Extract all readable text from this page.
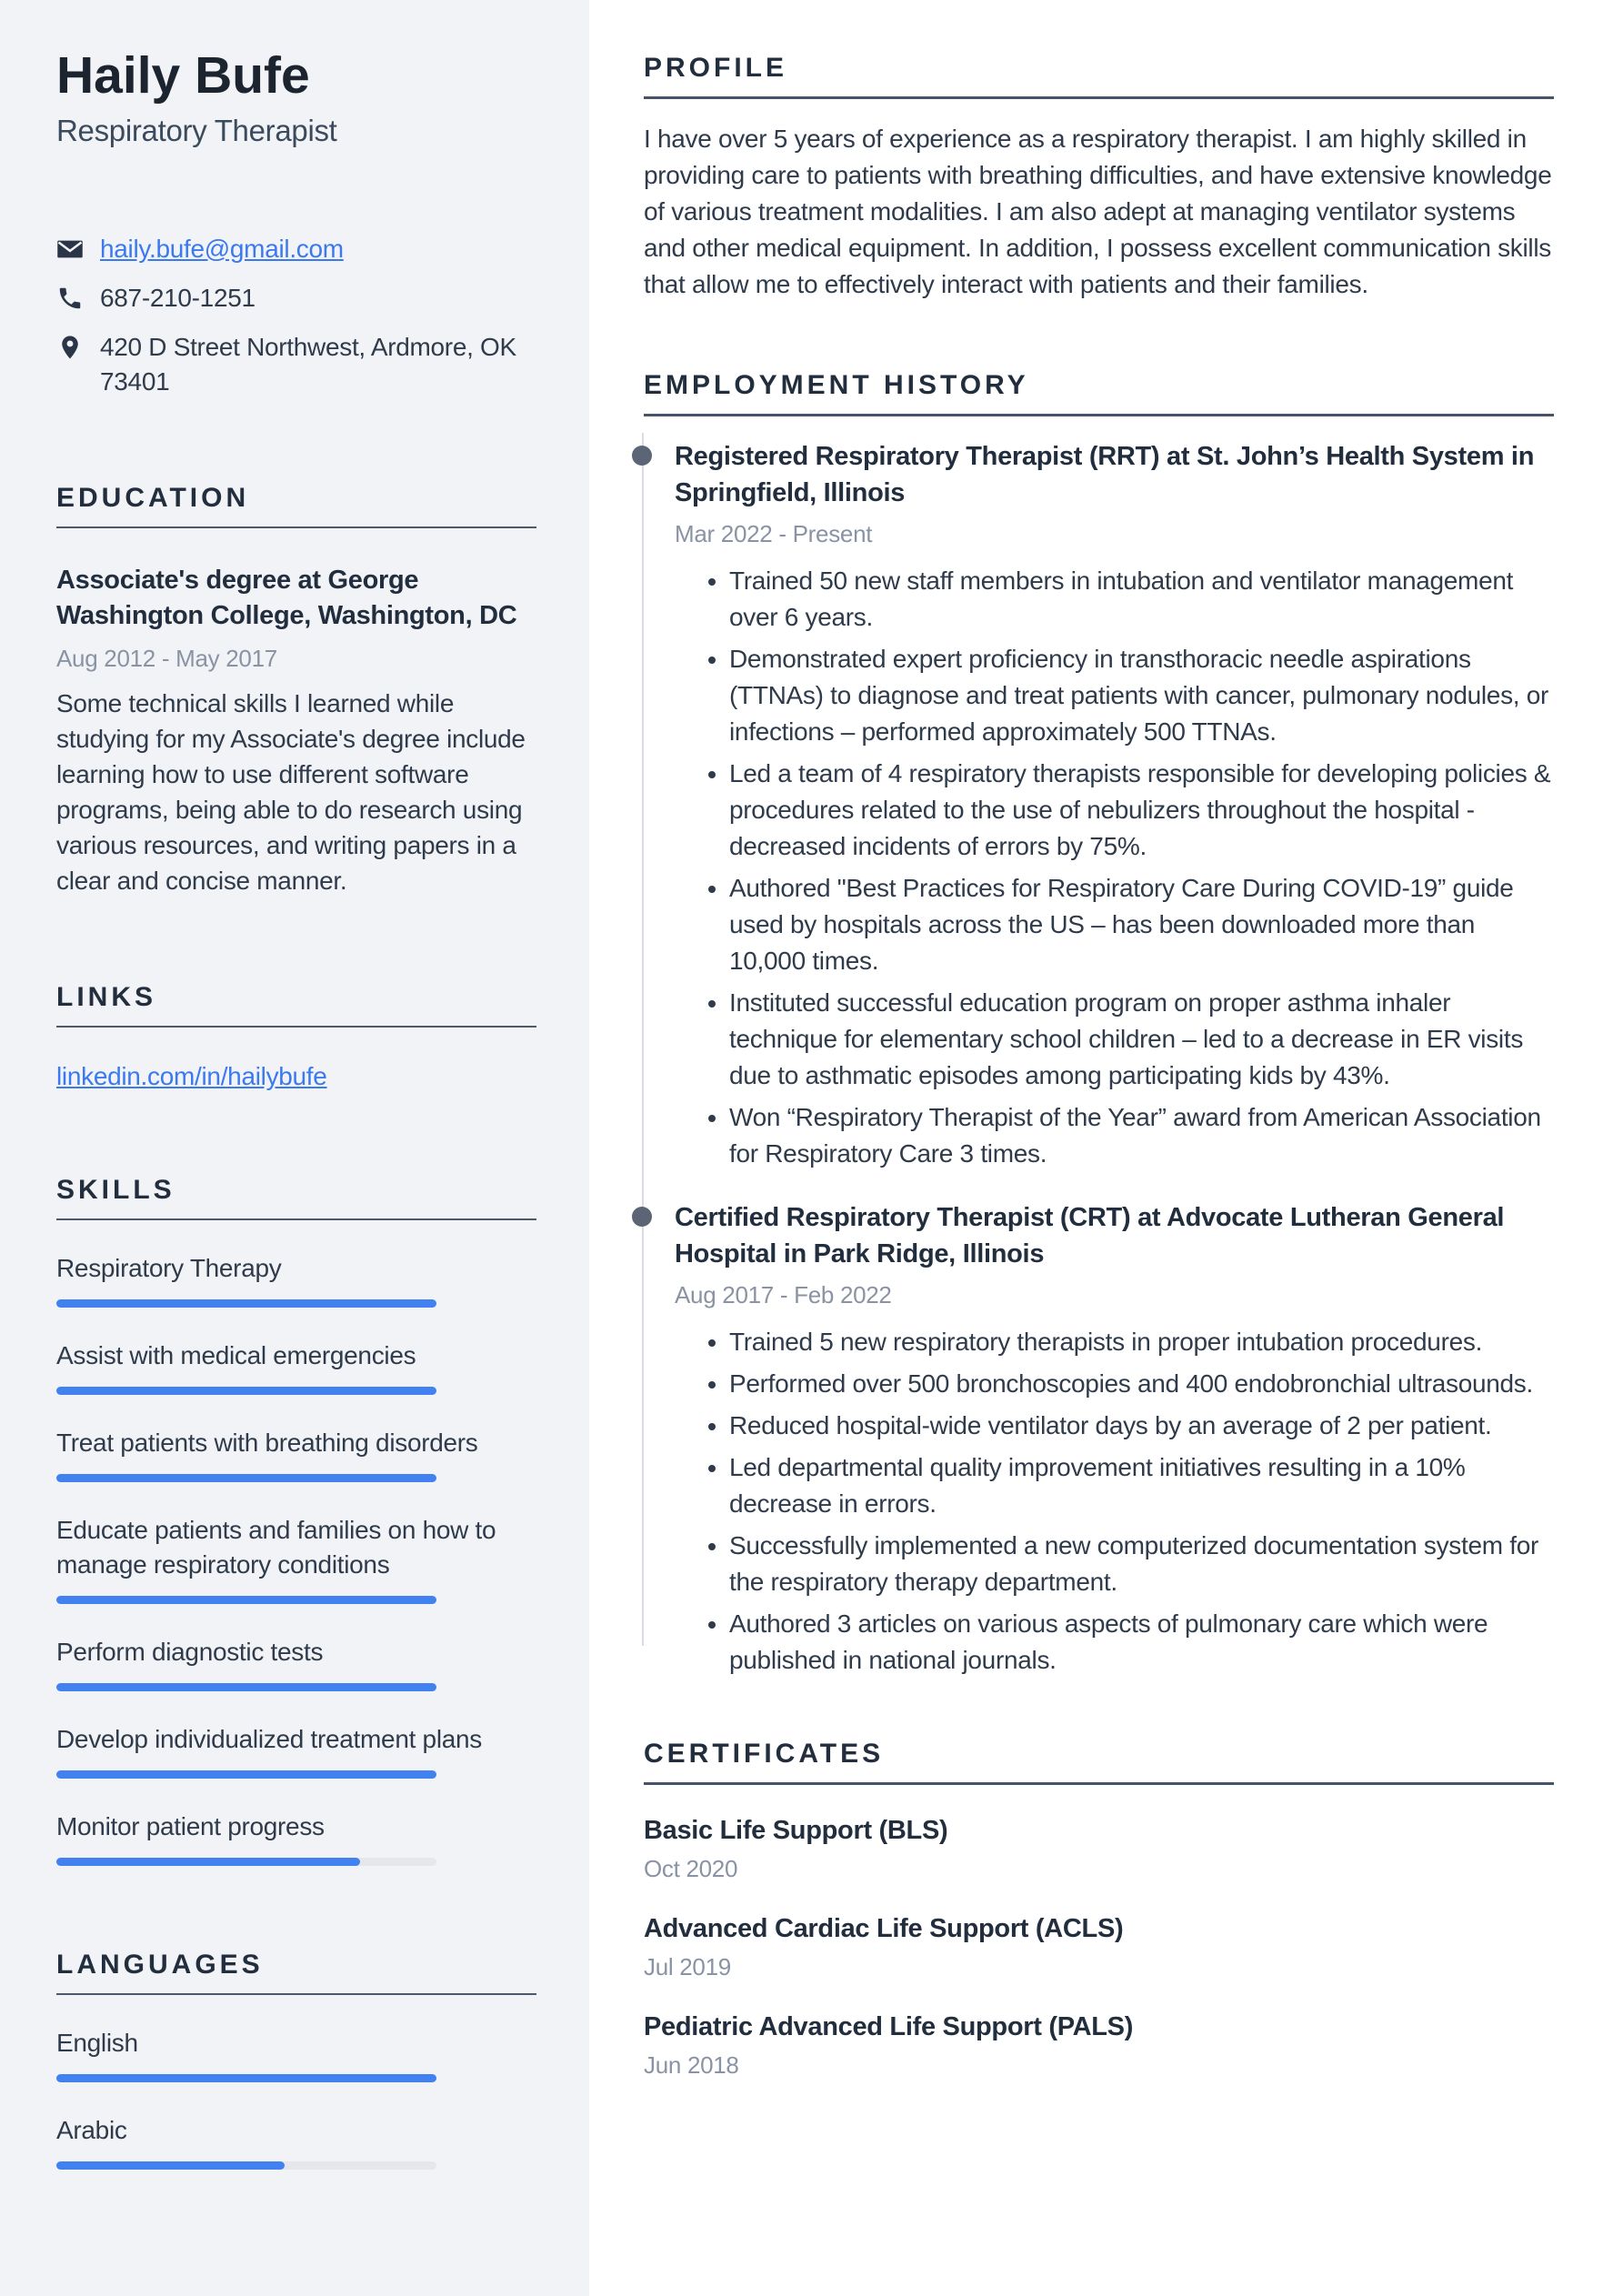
Haily Bufe
Respiratory Therapist
haily.bufe@gmail.com
687-210-1251
420 D Street Northwest, Ardmore, OK 73401
EDUCATION
Associate's degree at George Washington College, Washington, DC
Aug 2012 - May 2017
Some technical skills I learned while studying for my Associate's degree include learning how to use different software programs, being able to do research using various resources, and writing papers in a clear and concise manner.
LINKS
linkedin.com/in/hailybufe
SKILLS
Respiratory Therapy
Assist with medical emergencies
Treat patients with breathing disorders
Educate patients and families on how to manage respiratory conditions
Perform diagnostic tests
Develop individualized treatment plans
Monitor patient progress
LANGUAGES
English
Arabic
PROFILE

I have over 5 years of experience as a respiratory therapist. I am highly skilled in providing care to patients with breathing difficulties, and have extensive knowledge of various treatment modalities. I am also adept at managing ventilator systems and other medical equipment. In addition, I possess excellent communication skills that allow me to effectively interact with patients and their families.

EMPLOYMENT HISTORY
Registered Respiratory Therapist (RRT) at St. John’s Health System in Springfield, Illinois
Mar 2022 - Present
• Trained 50 new staff members in intubation and ventilator management over 6 years.
• Demonstrated expert proficiency in transthoracic needle aspirations (TTNAs) to diagnose and treat patients with cancer, pulmonary nodules, or infections – performed approximately 500 TTNAs.
• Led a team of 4 respiratory therapists responsible for developing policies & procedures related to the use of nebulizers throughout the hospital - decreased incidents of errors by 75%.
• Authored "Best Practices for Respiratory Care During COVID-19” guide used by hospitals across the US – has been downloaded more than 10,000 times.
• Instituted successful education program on proper asthma inhaler technique for elementary school children – led to a decrease in ER visits due to asthmatic episodes among participating kids by 43%.
• Won “Respiratory Therapist of the Year” award from American Association for Respiratory Care 3 times.
Certified Respiratory Therapist (CRT) at Advocate Lutheran General Hospital in Park Ridge, Illinois
Aug 2017 - Feb 2022
• Trained 5 new respiratory therapists in proper intubation procedures.
• Performed over 500 bronchoscopies and 400 endobronchial ultrasounds.
• Reduced hospital-wide ventilator days by an average of 2 per patient.
• Led departmental quality improvement initiatives resulting in a 10% decrease in errors.
• Successfully implemented a new computerized documentation system for the respiratory therapy department.
• Authored 3 articles on various aspects of pulmonary care which were published in national journals.
CERTIFICATES
Basic Life Support (BLS)
Oct 2020
Advanced Cardiac Life Support (ACLS)
Jul 2019
Pediatric Advanced Life Support (PALS)
Jun 2018
